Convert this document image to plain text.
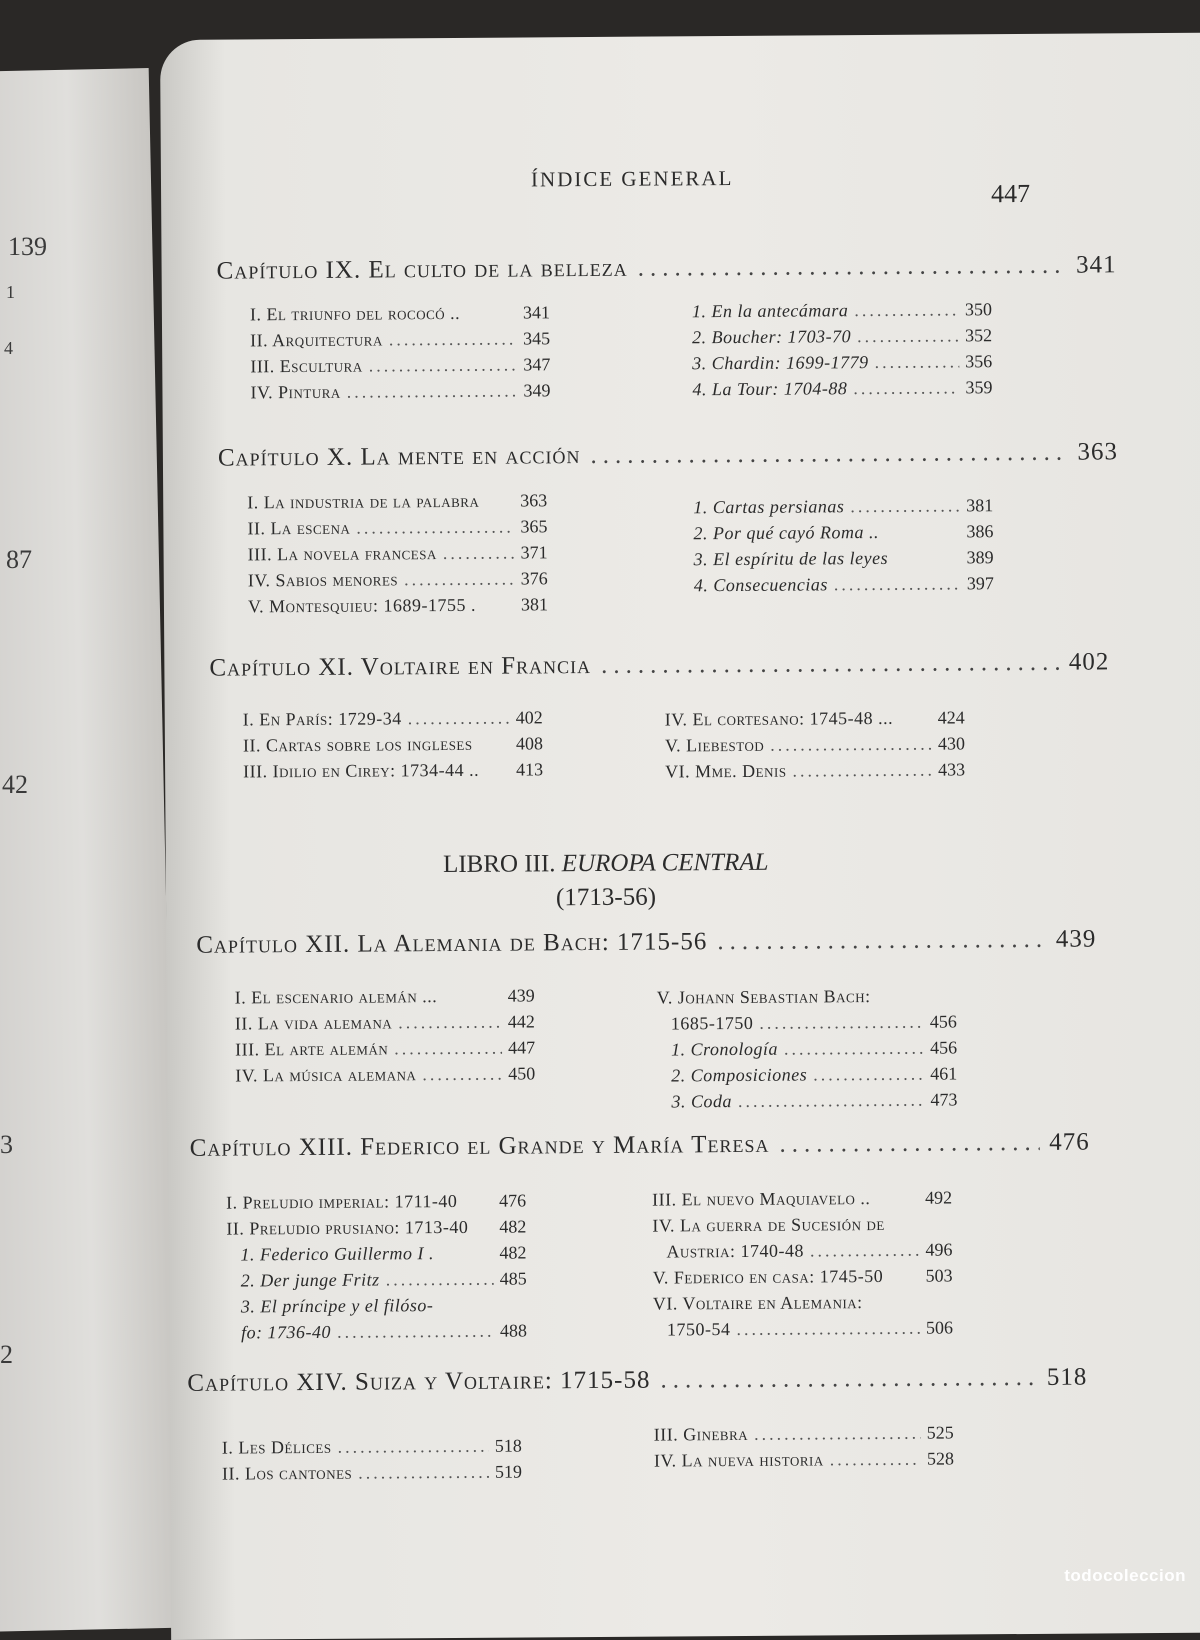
139
1
4
87
42
3
2
ÍNDICE GENERAL
447
Capítulo IX. El culto de la belleza .....	341
I. El triunfo del rococó ..	341
II. Arquitectura .....	345
III. Escultura .....	347
IV. Pintura .....	349
1. En la antecámara .....	350
2. Boucher: 1703-70 .....	352
3. Chardin: 1699-1779 .....	356
4. La Tour: 1704-88 .....	359
Capítulo X. La mente en acción .....	363
I. La industria de la palabra 363
II. La escena .....	365
III. La novela francesa .....	371
IV. Sabios menores .....	376
V. Montesquieu: 1689-1755 . 381
1. Cartas persianas .....	381
2. Por qué cayó Roma ..	386
3. El espíritu de las leyes	389
4. Consecuencias .....	397
Capítulo XI. Voltaire en Francia .....	402
I. En París: 1729-34 .....	402
II. Cartas sobre los ingleses 408
III. Idilio en Cirey: 1734-44 .. 413
IV. El cortesano: 1745-48 ... 424
V. Liebestod .....	430
VI. Mme. Denis .....	433
LIBRO III. EUROPA CENTRAL
(1713-56)
Capítulo XII. La Alemania de Bach: 1715-56 .....	439
I. El escenario alemán ...	439
II. La vida alemana .....	442
III. El arte alemán .....	447
IV. La música alemana .....	450
V. Johann Sebastian Bach:
1685-1750 .....	456
1. Cronología .....	456
2. Composiciones .....	461
3. Coda .....	473
Capítulo XIII. Federico el Grande y María Teresa .....	476
I. Preludio imperial: 1711-40 476
II. Preludio prusiano: 1713-40 482
1. Federico Guillermo I .	482
2. Der junge Fritz .....	485
3. El príncipe y el filóso-
fo: 1736-40 .....	488
III. El nuevo Maquiavelo ..	492
IV. La guerra de Sucesión de
Austria: 1740-48 .....	496
V. Federico en casa: 1745-50 503
VI. Voltaire en Alemania:
1750-54 .....	506
Capítulo XIV. Suiza y Voltaire: 1715-58 .....	518
I. Les Délices .....	518
II. Los cantones .....	519
III. Ginebra .....	525
IV. La nueva historia .....	528
todocoleccion
